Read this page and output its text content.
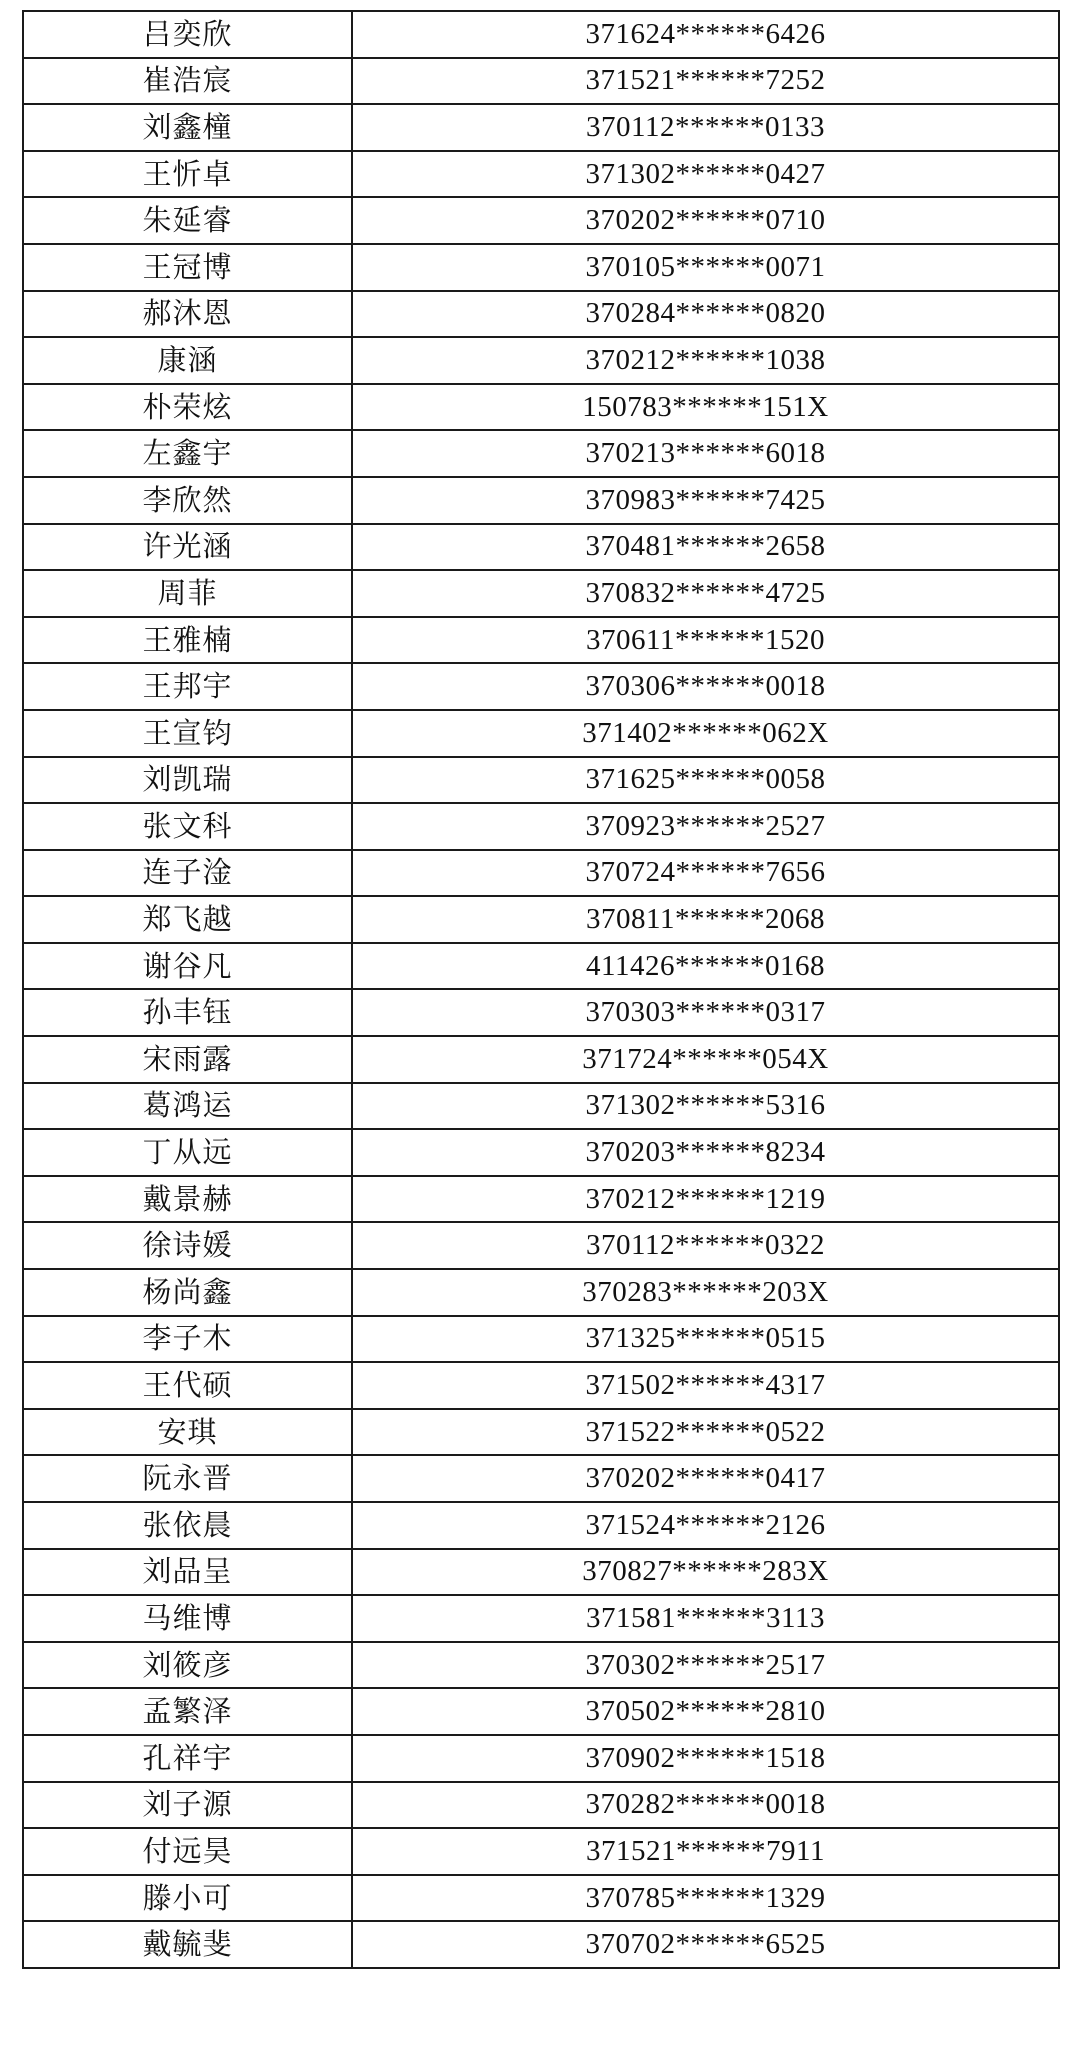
吕奕欣	371624******6426
崔浩宸	371521******7252
刘鑫橦	370112******0133
王忻卓	371302******0427
朱延睿	370202******0710
王冠博	370105******0071
郝沐恩	370284******0820
康涵	370212******1038
朴荣炫	150783******151X
左鑫宇	370213******6018
李欣然	370983******7425
许光涵	370481******2658
周菲	370832******4725
王雅楠	370611******1520
王邦宇	370306******0018
王宣钧	371402******062X
刘凯瑞	371625******0058
张文科	370923******2527
连子淦	370724******7656
郑飞越	370811******2068
谢谷凡	411426******0168
孙丰钰	370303******0317
宋雨露	371724******054X
葛鸿运	371302******5316
丁从远	370203******8234
戴景赫	370212******1219
徐诗媛	370112******0322
杨尚鑫	370283******203X
李子木	371325******0515
王代硕	371502******4317
安琪	371522******0522
阮永晋	370202******0417
张依晨	371524******2126
刘品呈	370827******283X
马维博	371581******3113
刘筱彦	370302******2517
孟繁泽	370502******2810
孔祥宇	370902******1518
刘子源	370282******0018
付远昊	371521******7911
滕小可	370785******1329
戴毓斐	370702******6525
